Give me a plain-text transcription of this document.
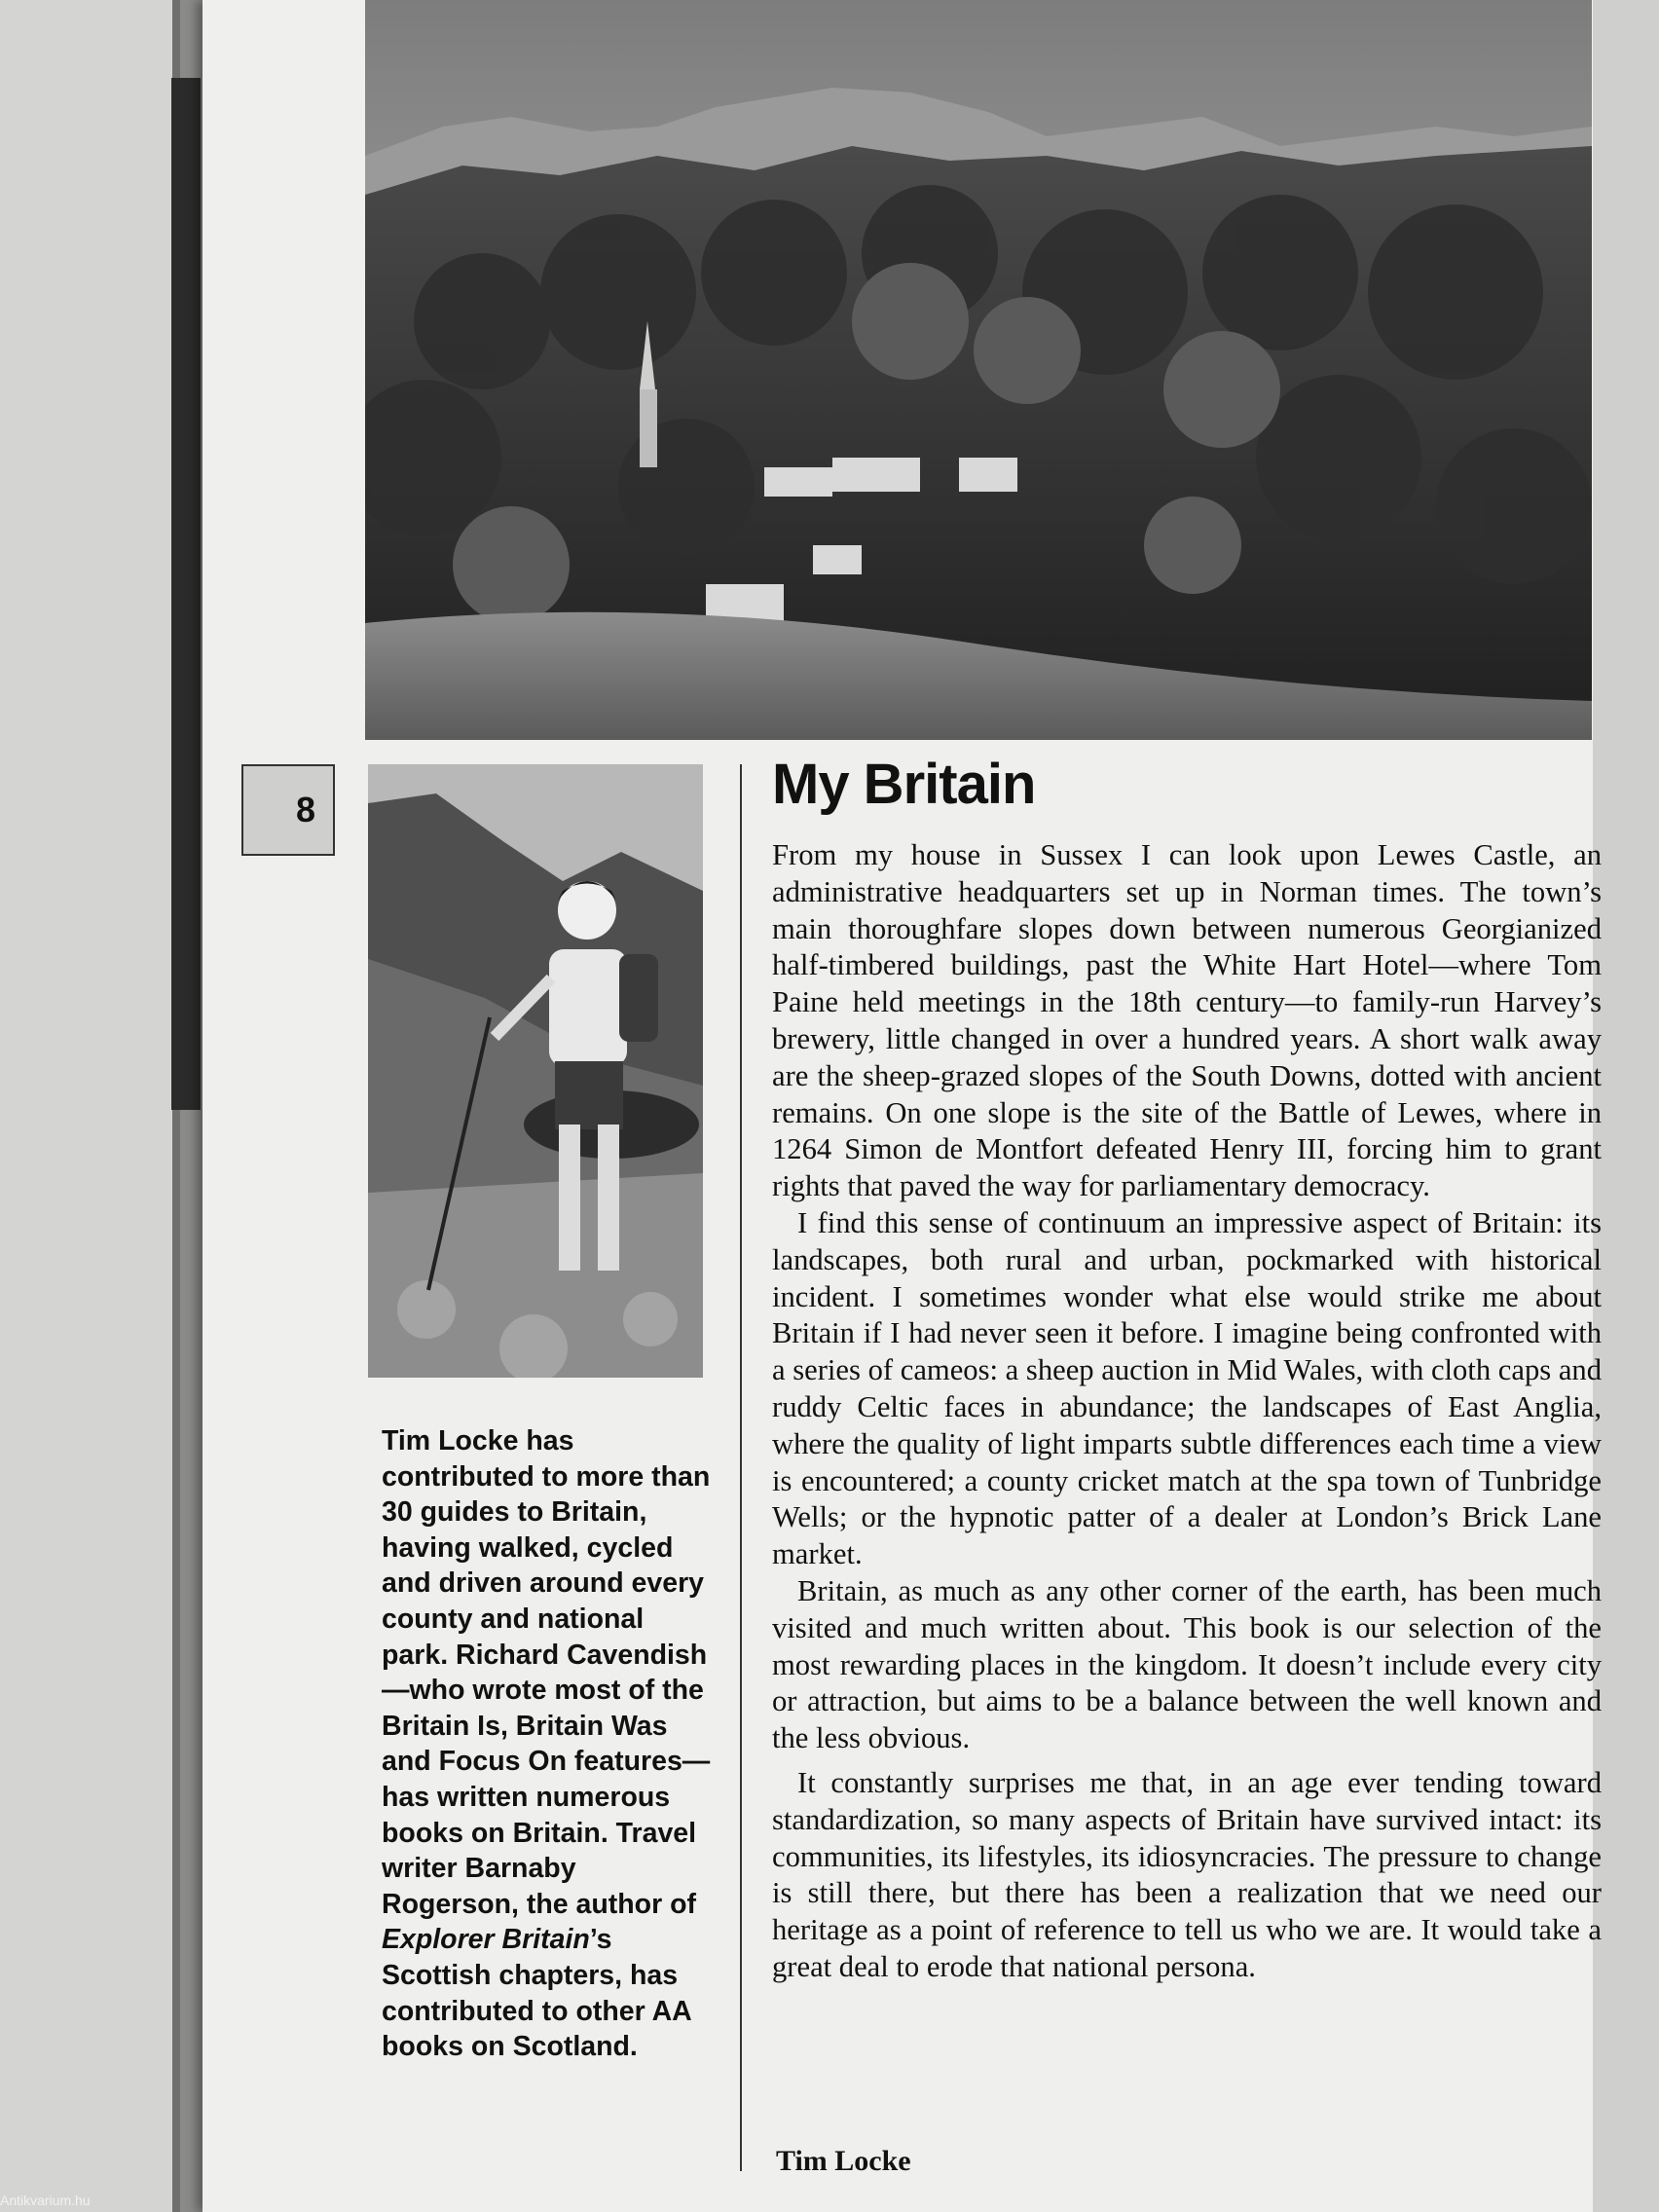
8
Tim Locke has contributed to more than 30 guides to Britain, having walked, cycled and driven around every county and national park. Richard Cavendish—who wrote most of the Britain Is, Britain Was and Focus On features—has written numerous books on Britain. Travel writer Barnaby Rogerson, the author of Explorer Britain’s Scottish chapters, has contributed to other AA books on Scotland.
My Britain

From my house in Sussex I can look upon Lewes Castle, an administrative headquarters set up in Norman times. The town’s main thoroughfare slopes down between numerous Georgianized half-timbered buildings, past the White Hart Hotel—where Tom Paine held meetings in the 18th century—to family-run Harvey’s brewery, little changed in over a hundred years. A short walk away are the sheep-grazed slopes of the South Downs, dotted with ancient remains. On one slope is the site of the Battle of Lewes, where in 1264 Simon de Montfort defeated Henry III, forcing him to grant rights that paved the way for parliamentary democracy.

I find this sense of continuum an impressive aspect of Britain: its landscapes, both rural and urban, pockmarked with historical incident. I sometimes wonder what else would strike me about Britain if I had never seen it before. I imagine being confronted with a series of cameos: a sheep auction in Mid Wales, with cloth caps and ruddy Celtic faces in abundance; the landscapes of East Anglia, where the quality of light imparts subtle differences each time a view is encountered; a county cricket match at the spa town of Tunbridge Wells; or the hypnotic patter of a dealer at London’s Brick Lane market.

Britain, as much as any other corner of the earth, has been much visited and much written about. This book is our selection of the most rewarding places in the kingdom. It doesn’t include every city or attraction, but aims to be a balance between the well known and the less obvious.

It constantly surprises me that, in an age ever tending toward standardization, so many aspects of Britain have survived intact: its communities, its lifestyles, its idiosyncracies. The pressure to change is still there, but there has been a realization that we need our heritage as a point of reference to tell us who we are. It would take a great deal to erode that national persona.

Tim Locke
Antikvarium.hu
